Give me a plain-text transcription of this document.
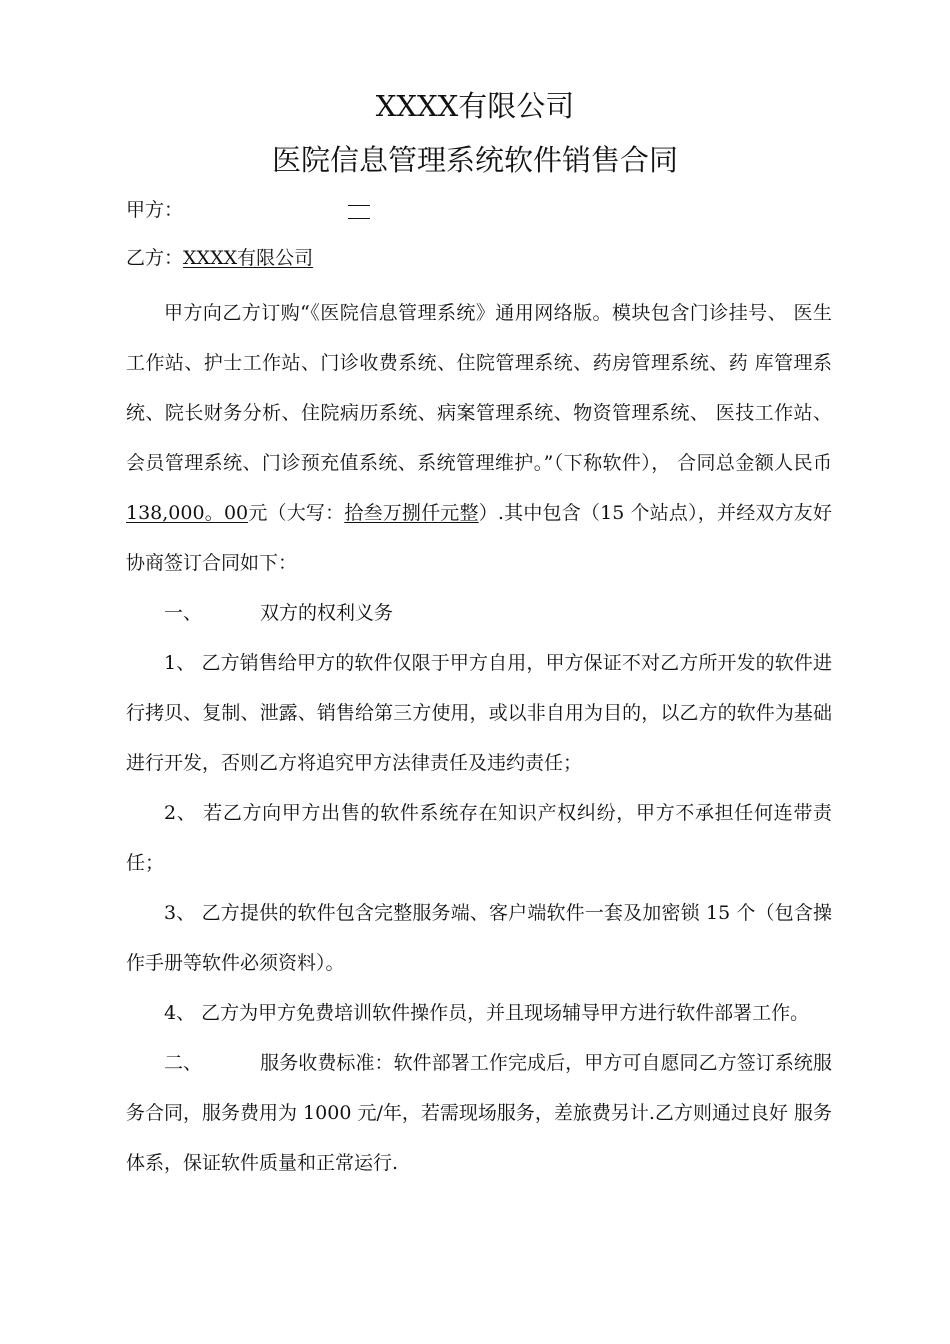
XXXX有限公司
医院信息管理系统软件销售合同
甲方：
乙方：XXXX有限公司

甲方向乙方订购“《医院信息管理系统》通用网络版。模块包含门诊挂号、 医生工作站、护士工作站、门诊收费系统、住院管理系统、药房管理系统、药 库管理系统、院长财务分析、住院病历系统、病案管理系统、物资管理系统、 医技工作站、会员管理系统、门诊预充值系统、系统管理维护。”（下称软件）， 合同总金额人民币138,000。00元（大写：拾叁万捌仟元整）.其中包含（15 个站点），并经双方友好协商签订合同如下：

一、	双方的权利义务

1、 乙方销售给甲方的软件仅限于甲方自用，甲方保证不对乙方所开发的软件进行拷贝、复制、泄露、销售给第三方使用，或以非自用为目的，以乙方的软件为基础进行开发，否则乙方将追究甲方法律责任及违约责任；

2、 若乙方向甲方出售的软件系统存在知识产权纠纷，甲方不承担任何连带责任；

3、 乙方提供的软件包含完整服务端、客户端软件一套及加密锁 15 个（包含操作手册等软件必须资料）。

4、 乙方为甲方免费培训软件操作员，并且现场辅导甲方进行软件部署工作。

二、	服务收费标准：软件部署工作完成后，甲方可自愿同乙方签订系统服 务合同，服务费用为 1000 元/年，若需现场服务，差旅费另计.乙方则通过良好 服务体系，保证软件质量和正常运行.
